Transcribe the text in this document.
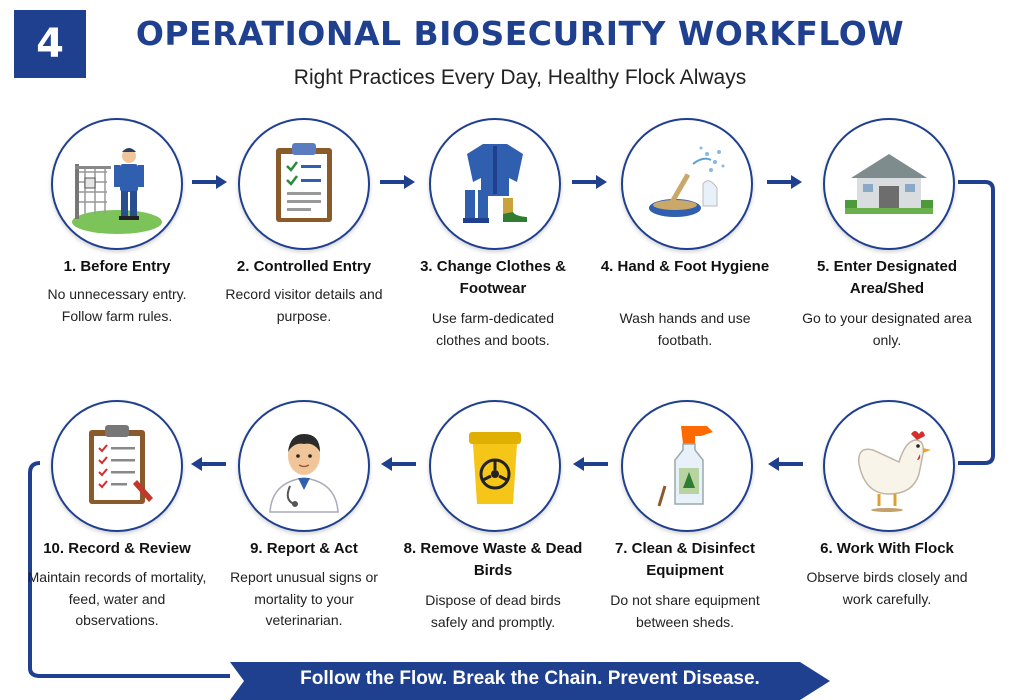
4	OPERATIONAL BIOSECURITY WORKFLOW
Right Practices Every Day, Healthy Flock Always
1. Before Entry
No unnecessary entry. Follow farm rules.
2. Controlled Entry
Record visitor details and purpose.
3. Change Clothes & Footwear
Use farm-dedicated clothes and boots.
4. Hand & Foot Hygiene
Wash hands and use footbath.
5. Enter Designated Area/Shed
Go to your designated area only.
6. Work With Flock
Observe birds closely and work carefully.
7. Clean & Disinfect Equipment
Do not share equipment between sheds.
8. Remove Waste & Dead Birds
Dispose of dead birds safely and promptly.
9. Report & Act
Report unusual signs or mortality to your veterinarian.
10. Record & Review
Maintain records of mortality, feed, water and observations.
Follow the Flow. Break the Chain. Prevent Disease.
